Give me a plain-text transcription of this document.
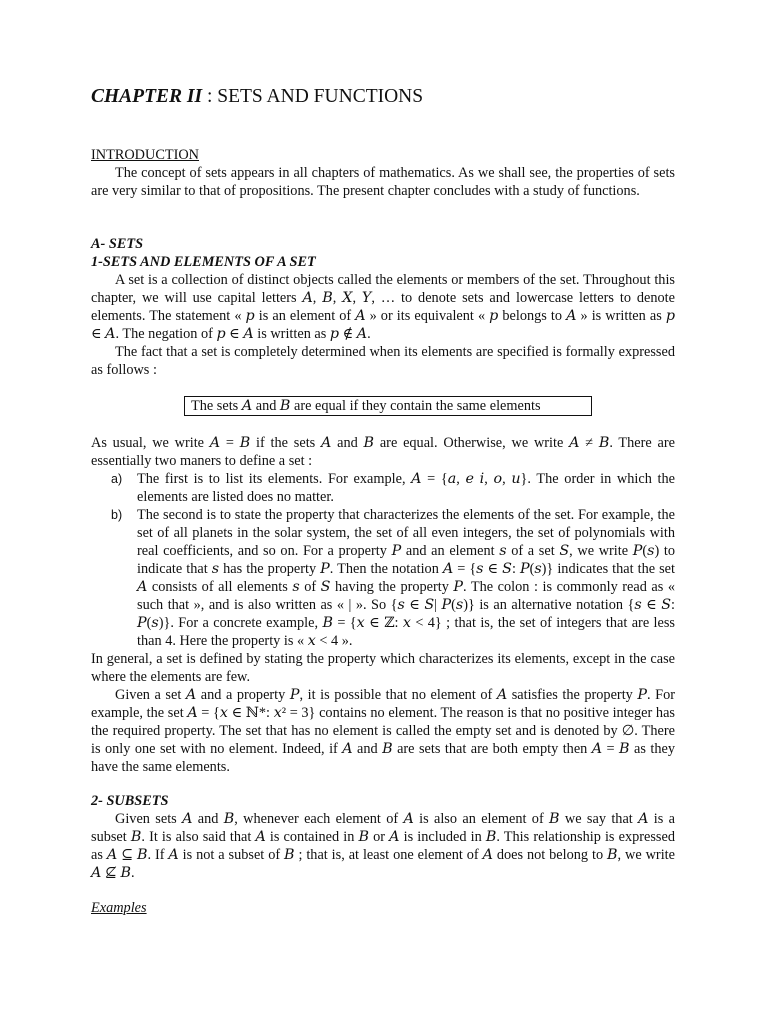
CHAPTER II : SETS AND FUNCTIONS

INTRODUCTION

The concept of sets appears in all chapters of mathematics. As we shall see, the properties of sets are very similar to that of propositions. The present chapter concludes with a study of functions.

A- SETS

1-SETS AND ELEMENTS OF A SET

A set is a collection of distinct objects called the elements or members of the set. Throughout this chapter, we will use capital letters 𝐴, 𝐵, 𝑋, 𝑌, … to denote sets and lowercase letters to denote elements. The statement « 𝑝 is an element of 𝐴 » or its equivalent « 𝑝 belongs to 𝐴 » is written as 𝑝 ∈ 𝐴. The negation of 𝑝 ∈ 𝐴 is written as 𝑝 ∉ 𝐴.

The fact that a set is completely determined when its elements are specified is formally expressed as follows :

The sets 𝐴 and 𝐵 are equal if they contain the same elements

As usual, we write 𝐴 = 𝐵 if the sets 𝐴 and 𝐵 are equal. Otherwise, we write 𝐴 ≠ 𝐵. There are essentially two maners to define a set :

a) The first is to list its elements. For example, 𝐴 = {𝑎, 𝑒 𝑖, 𝑜, 𝑢}. The order in which the elements are listed does no matter.
b) The second is to state the property that characterizes the elements of the set. For example, the set of all planets in the solar system, the set of all even integers, the set of polynomials with real coefficients, and so on. For a property 𝑃 and an element 𝑠 of a set 𝑆, we write 𝑃(𝑠) to indicate that 𝑠 has the property 𝑃. Then the notation 𝐴 = {𝑠 ∈ 𝑆: 𝑃(𝑠)} indicates that the set 𝐴 consists of all elements 𝑠 of 𝑆 having the property 𝑃. The colon : is commonly read as « such that », and is also written as « | ». So {𝑠 ∈ 𝑆| 𝑃(𝑠)} is an alternative notation {𝑠 ∈ 𝑆: 𝑃(𝑠)}. For a concrete example, 𝐵 = {𝑥 ∈ ℤ: 𝑥 < 4} ; that is, the set of integers that are less than 4. Here the property is « 𝑥 < 4 ».

In general, a set is defined by stating the property which characterizes its elements, except in the case where the elements are few.

Given a set 𝐴 and a property 𝑃, it is possible that no element of 𝐴 satisfies the property 𝑃. For example, the set 𝐴 = {𝑥 ∈ ℕ*: 𝑥² = 3} contains no element. The reason is that no positive integer has the required property. The set that has no element is called the empty set and is denoted by ∅. There is only one set with no element. Indeed, if 𝐴 and 𝐵 are sets that are both empty then 𝐴 = 𝐵 as they have the same elements.

2- SUBSETS

Given sets 𝐴 and 𝐵, whenever each element of 𝐴 is also an element of 𝐵 we say that 𝐴 is a subset 𝐵. It is also said that 𝐴 is contained in 𝐵 or 𝐴 is included in 𝐵. This relationship is expressed as 𝐴 ⊆ 𝐵. If 𝐴 is not a subset of 𝐵 ; that is, at least one element of 𝐴 does not belong to 𝐵, we write 𝐴 ⊈ 𝐵.

Examples
